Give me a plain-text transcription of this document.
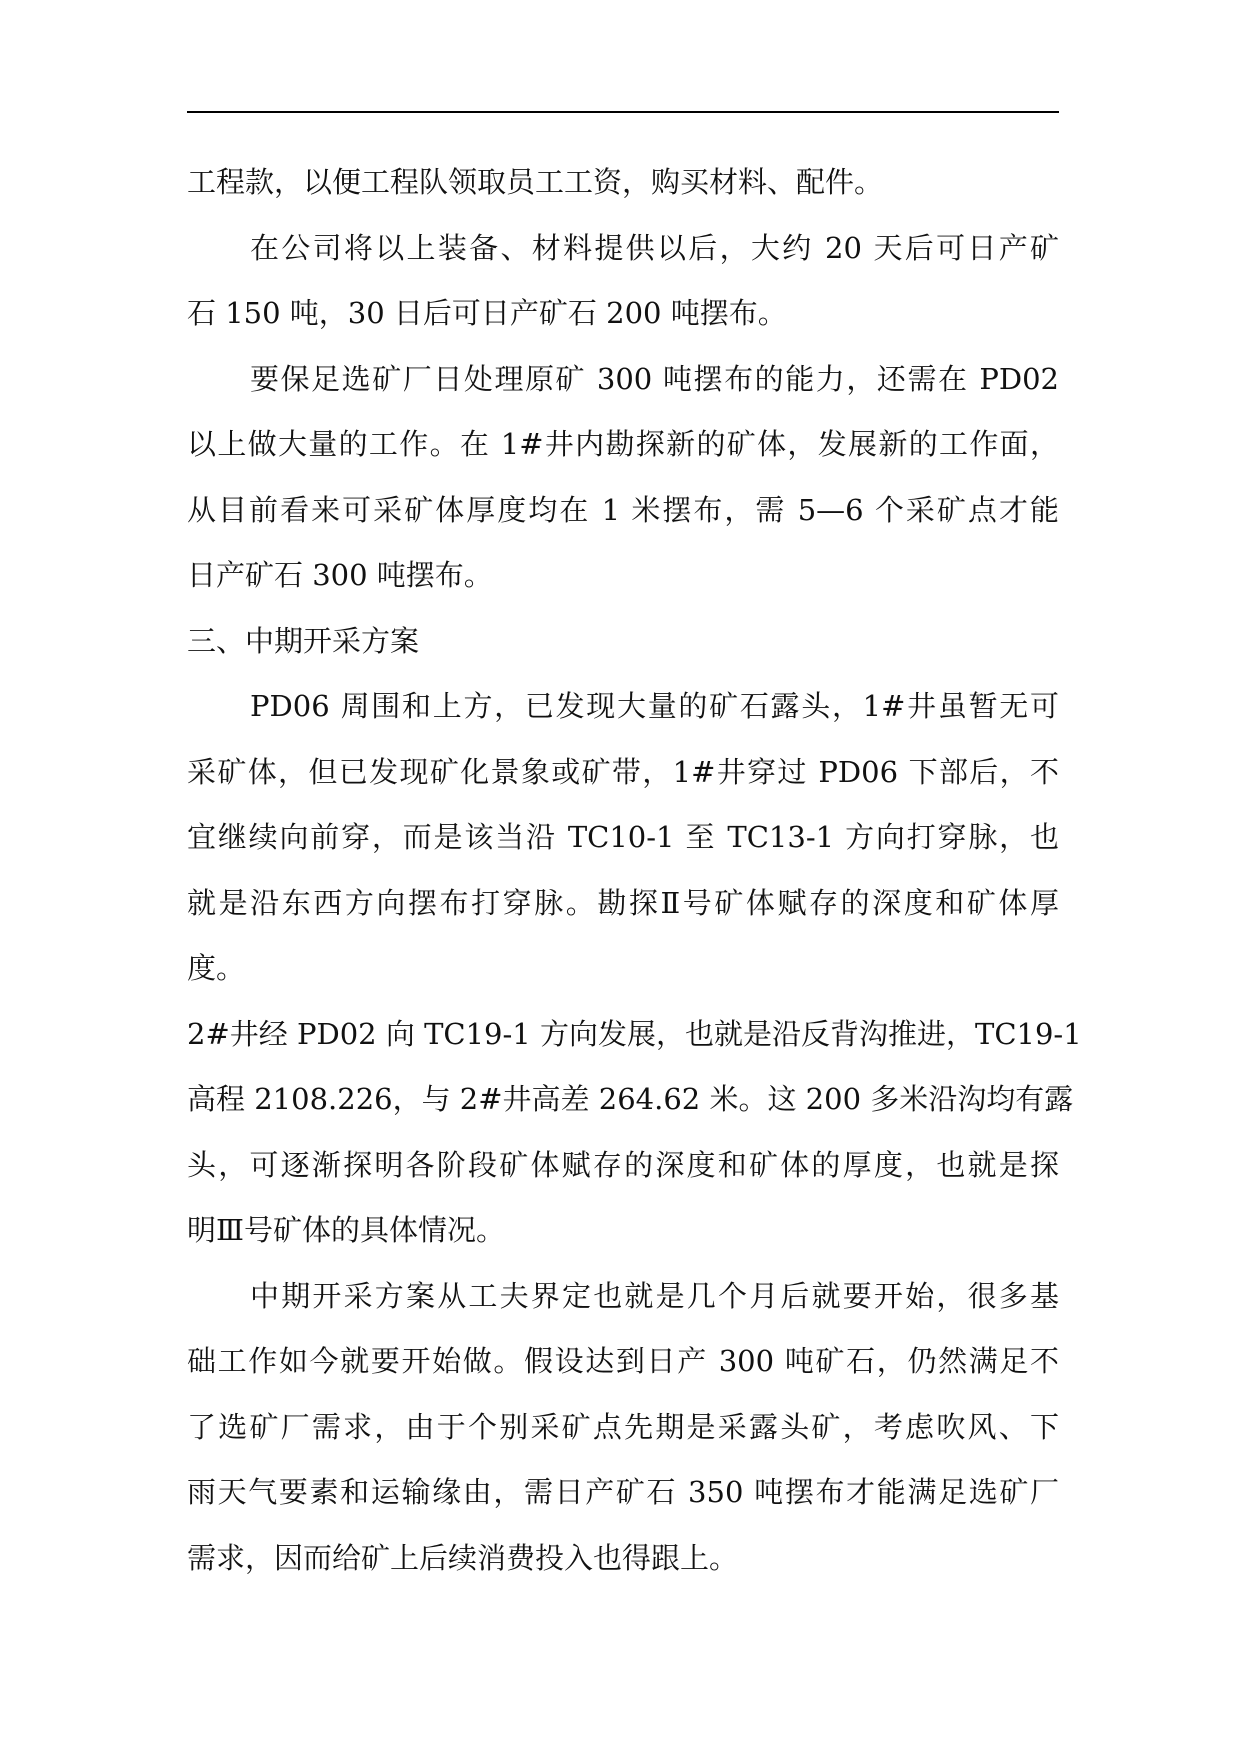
工程款，以便工程队领取员工工资，购买材料、配件。
在公司将以上装备、材料提供以后，大约 20 天后可日产矿
石 150 吨，30 日后可日产矿石 200 吨摆布。
要保足选矿厂日处理原矿 300 吨摆布的能力，还需在 PD02
以上做大量的工作。在 1#井内勘探新的矿体，发展新的工作面，
从目前看来可采矿体厚度均在 1 米摆布，需 5—6 个采矿点才能
日产矿石 300 吨摆布。
三、中期开采方案
PD06 周围和上方，已发现大量的矿石露头，1#井虽暂无可
采矿体，但已发现矿化景象或矿带，1#井穿过 PD06 下部后，不
宜继续向前穿，而是该当沿 TC10-1 至 TC13-1 方向打穿脉，也
就是沿东西方向摆布打穿脉。勘探Ⅱ号矿体赋存的深度和矿体厚
度。
2#井经 PD02 向 TC19-1 方向发展，也就是沿反背沟推进，TC19-1
高程 2108.226，与 2#井高差 264.62 米。这 200 多米沿沟均有露
头，可逐渐探明各阶段矿体赋存的深度和矿体的厚度，也就是探
明Ⅲ号矿体的具体情况。
中期开采方案从工夫界定也就是几个月后就要开始，很多基
础工作如今就要开始做。假设达到日产 300 吨矿石，仍然满足不
了选矿厂需求，由于个别采矿点先期是采露头矿，考虑吹风、下
雨天气要素和运输缘由，需日产矿石 350 吨摆布才能满足选矿厂
需求，因而给矿上后续消费投入也得跟上。
